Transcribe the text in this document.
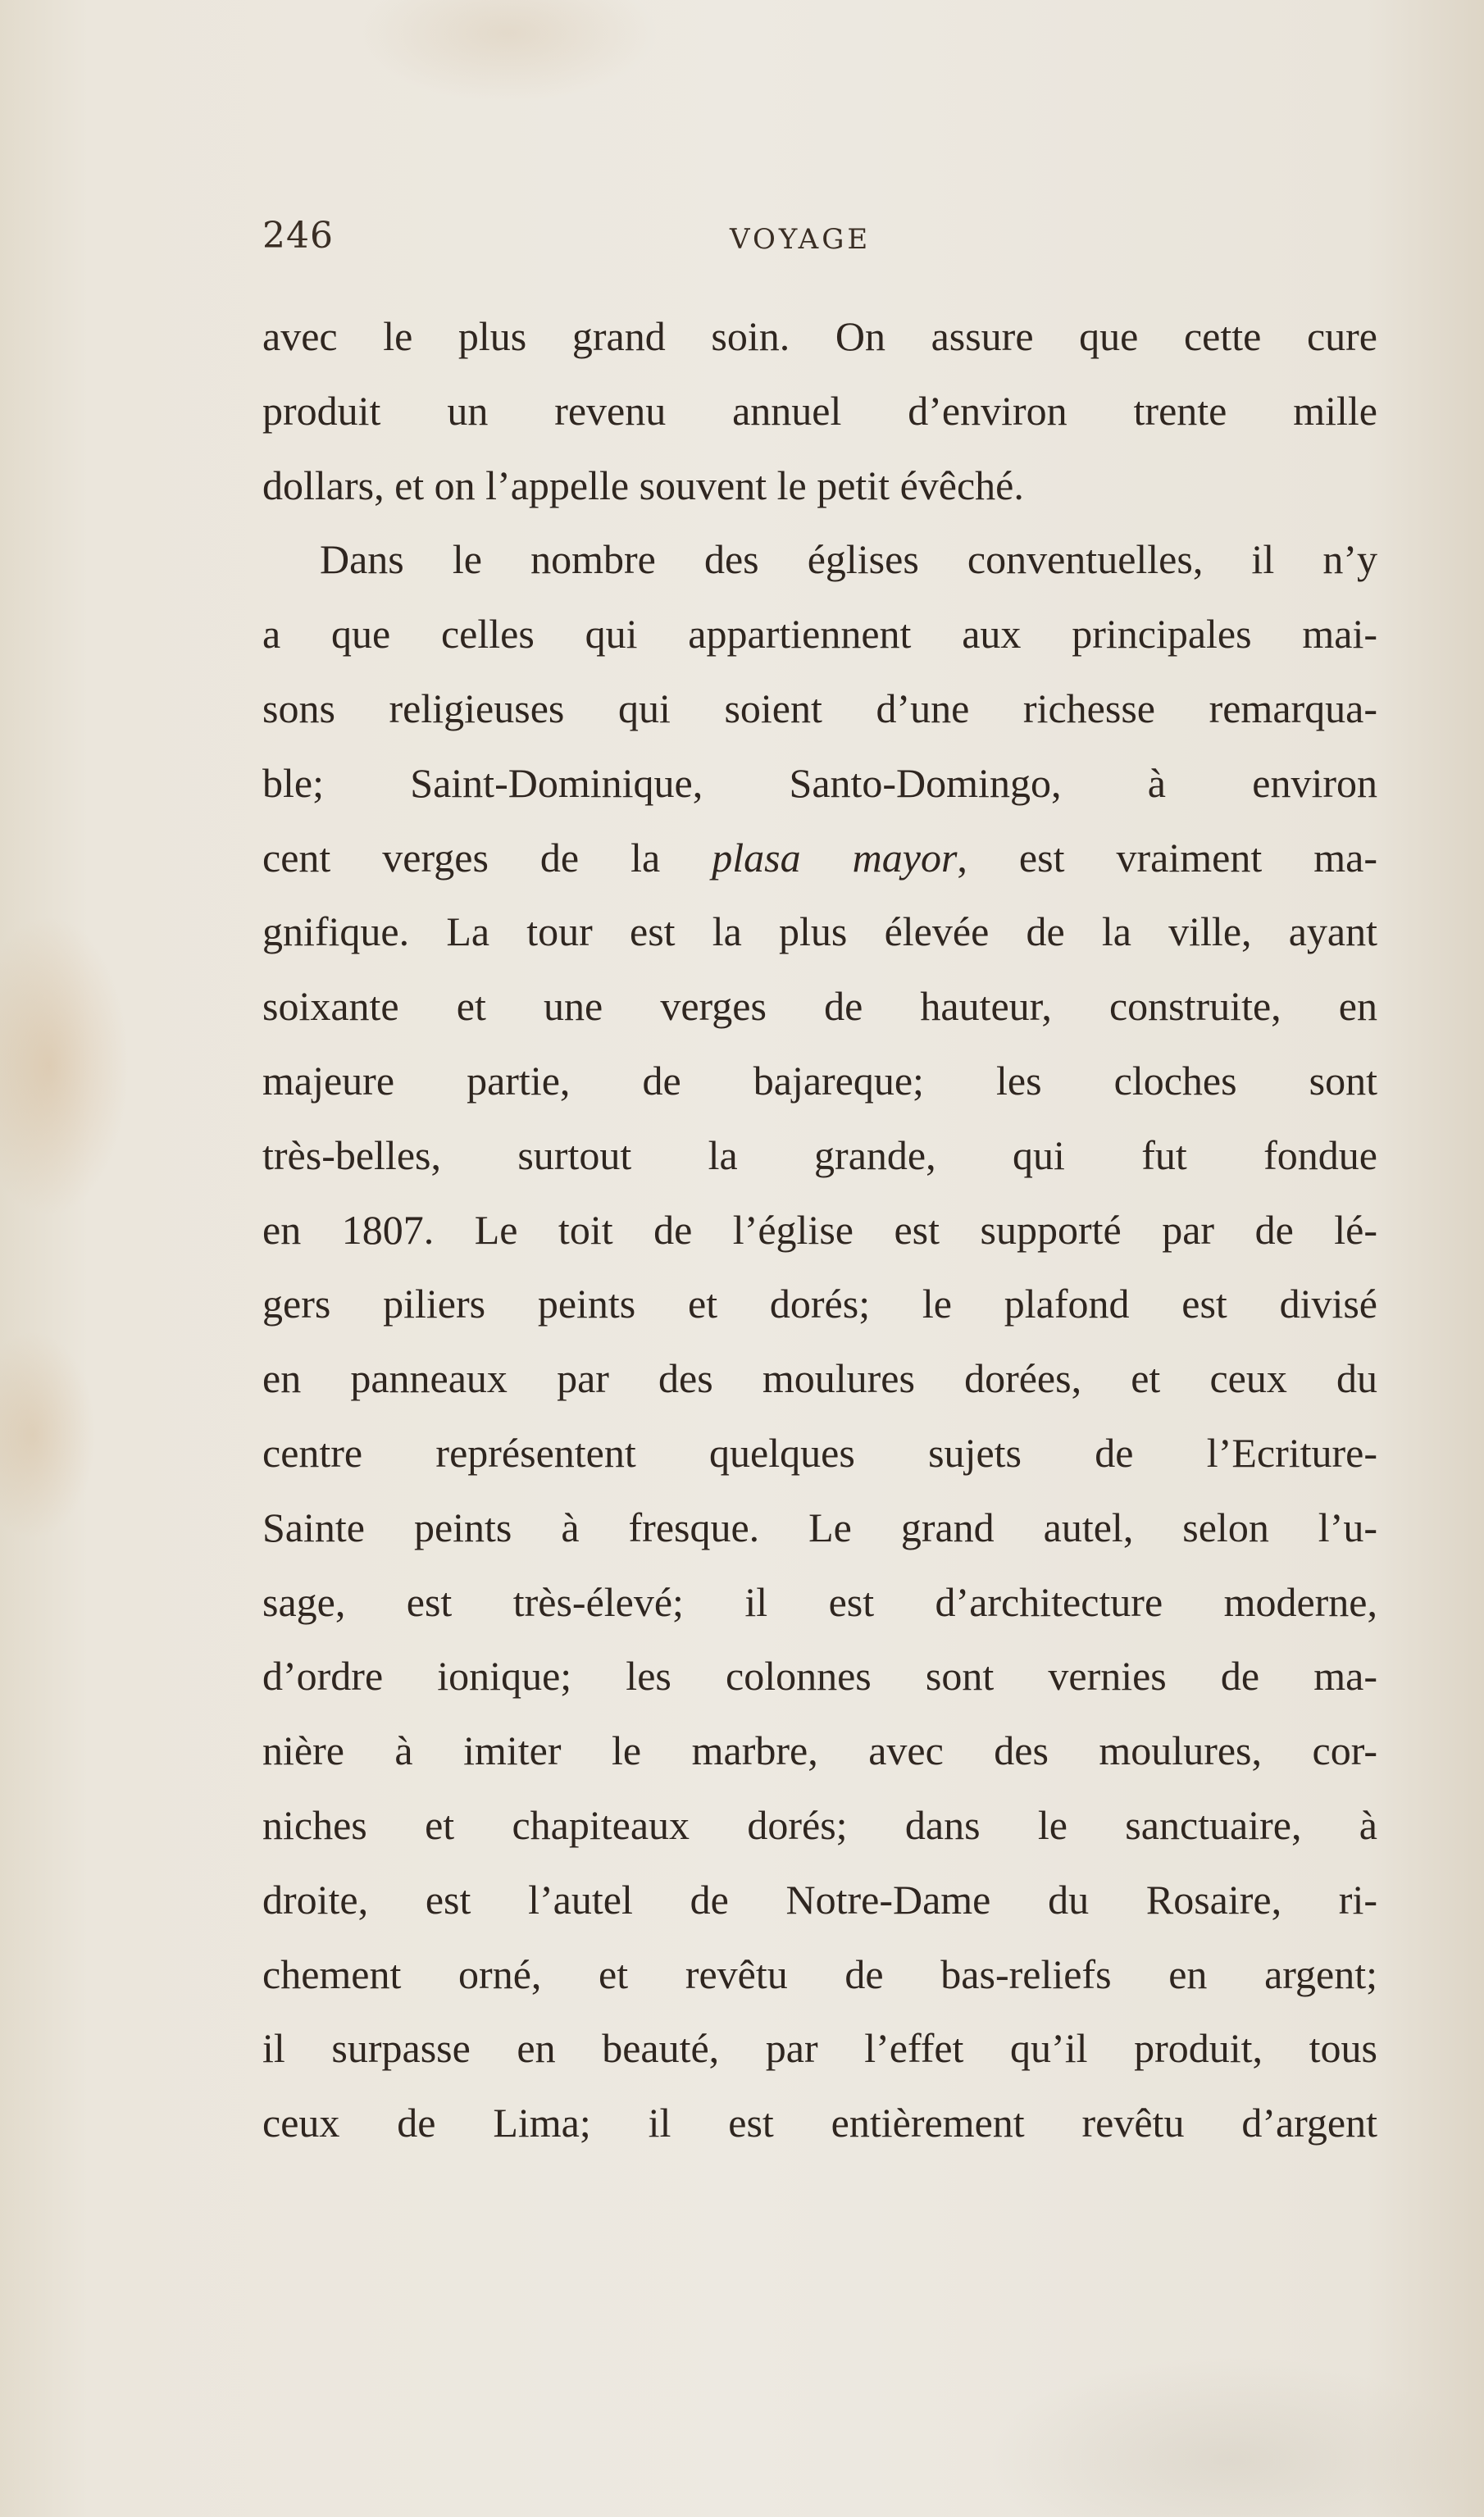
246	VOYAGE
avec le plus grand soin. On assure que cette cure
produit un revenu annuel d’environ trente mille
dollars, et on l’appelle souvent le petit évêché.
Dans le nombre des églises conventuelles, il n’y
a que celles qui appartiennent aux principales mai-
sons religieuses qui soient d’une richesse remarqua-
ble; Saint-Dominique, Santo-Domingo, à environ
cent verges de la plasa mayor, est vraiment ma-
gnifique. La tour est la plus élevée de la ville, ayant
soixante et une verges de hauteur, construite, en
majeure partie, de bajareque; les cloches sont
très-belles, surtout la grande, qui fut fondue
en 1807. Le toit de l’église est supporté par de lé-
gers piliers peints et dorés; le plafond est divisé
en panneaux par des moulures dorées, et ceux du
centre représentent quelques sujets de l’Ecriture-
Sainte peints à fresque. Le grand autel, selon l’u-
sage, est très-élevé; il est d’architecture moderne,
d’ordre ionique; les colonnes sont vernies de ma-
nière à imiter le marbre, avec des moulures, cor-
niches et chapiteaux dorés; dans le sanctuaire, à
droite, est l’autel de Notre-Dame du Rosaire, ri-
chement orné, et revêtu de bas-reliefs en argent;
il surpasse en beauté, par l’effet qu’il produit, tous
ceux de Lima; il est entièrement revêtu d’argent
